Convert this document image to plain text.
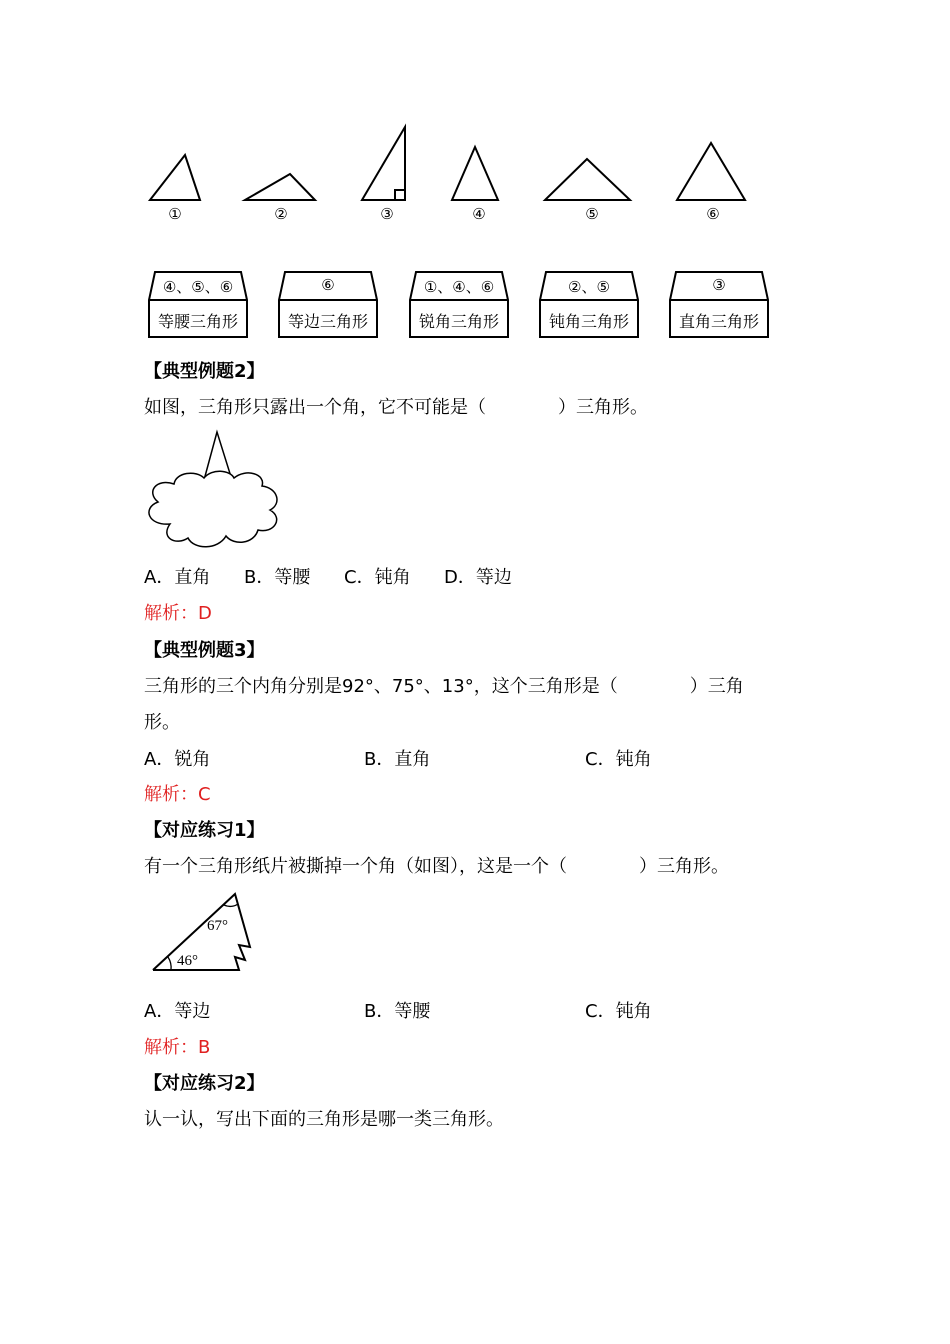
①	②	③	④	⑤	⑥
④、⑤、⑥
等腰三角形
⑥
等边三角形
①、④、⑥
锐角三角形
②、⑤
钝角三角形
③
直角三角形
【典型例题2】
如图，三角形只露出一个角，它不可能是（　　　　）三角形。
A．直角 B．等腰 C．钝角 D．等边
解析：D
【典型例题3】
三角形的三个内角分别是92°、75°、13°，这个三角形是（　　　　）三角
形。
A．锐角	B．直角	C．钝角
解析：C
【对应练习1】
有一个三角形纸片被撕掉一个角（如图），这是一个（　　　　）三角形。
67°
46°
A．等边	B．等腰	C．钝角
解析：B
【对应练习2】
认一认，写出下面的三角形是哪一类三角形。
